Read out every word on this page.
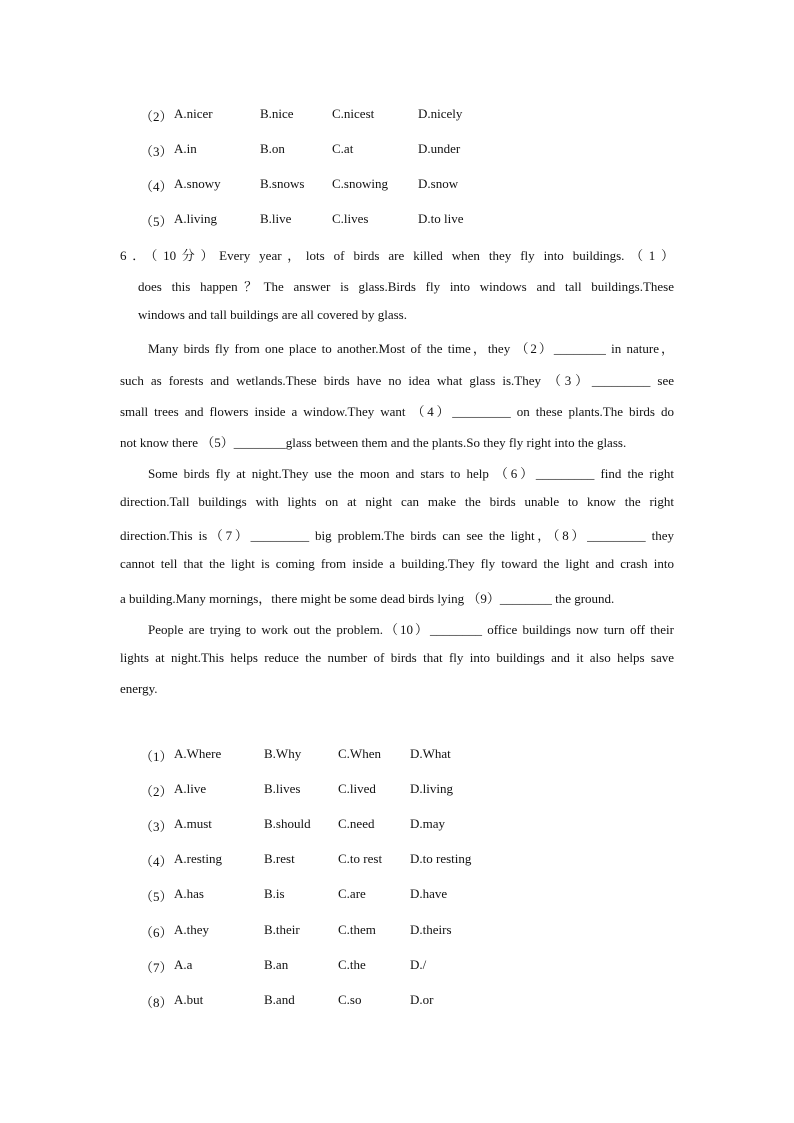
（2） A.nicer	B.nice	C.nicest	D.nicely
（3） A.in	B.on	C.at	D.under
（4） A.snowy	B.snows C.snowing D.snow
（5） A.living	B.live	C.lives	D.to live
6．（10分）Every year，lots of birds are killed when they fly into buildings.（1）
does this happen？The answer is glass.Birds fly into windows and tall buildings.These
windows and tall buildings are all covered by glass.
Many birds fly from one place to another.Most of the time，they （2）________ in nature，
such as forests and wetlands.These birds have no idea what glass is.They （3）_________ see
small trees and flowers inside a window.They want （4）_________ on these plants.The birds do
not know there （5）________glass between them and the plants.So they fly right into the glass.
Some birds fly at night.They use the moon and stars to help （6）_________ find the right
direction.Tall buildings with lights on at night can make the birds unable to know the right
direction.This is（7）_________ big problem.The birds can see the light，（8）_________ they
cannot tell that the light is coming from inside a building.They fly toward the light and crash into
a building.Many mornings，there might be some dead birds lying （9）________ the ground.
People are trying to work out the problem.（10）________ office buildings now turn off their
lights at night.This helps reduce the number of birds that fly into buildings and it also helps save
energy.
（1） A.Where	B.Why	C.When D.What
（2） A.live	B.lives	C.lived	D.living
（3） A.must	B.should C.need	D.may
（4） A.resting	B.rest	C.to rest D.to resting
（5） A.has	B.is	C.are	D.have
（6） A.they	B.their	C.them	D.theirs
（7） A.a	B.an	C.the	D./
（8） A.but	B.and	C.so	D.or
